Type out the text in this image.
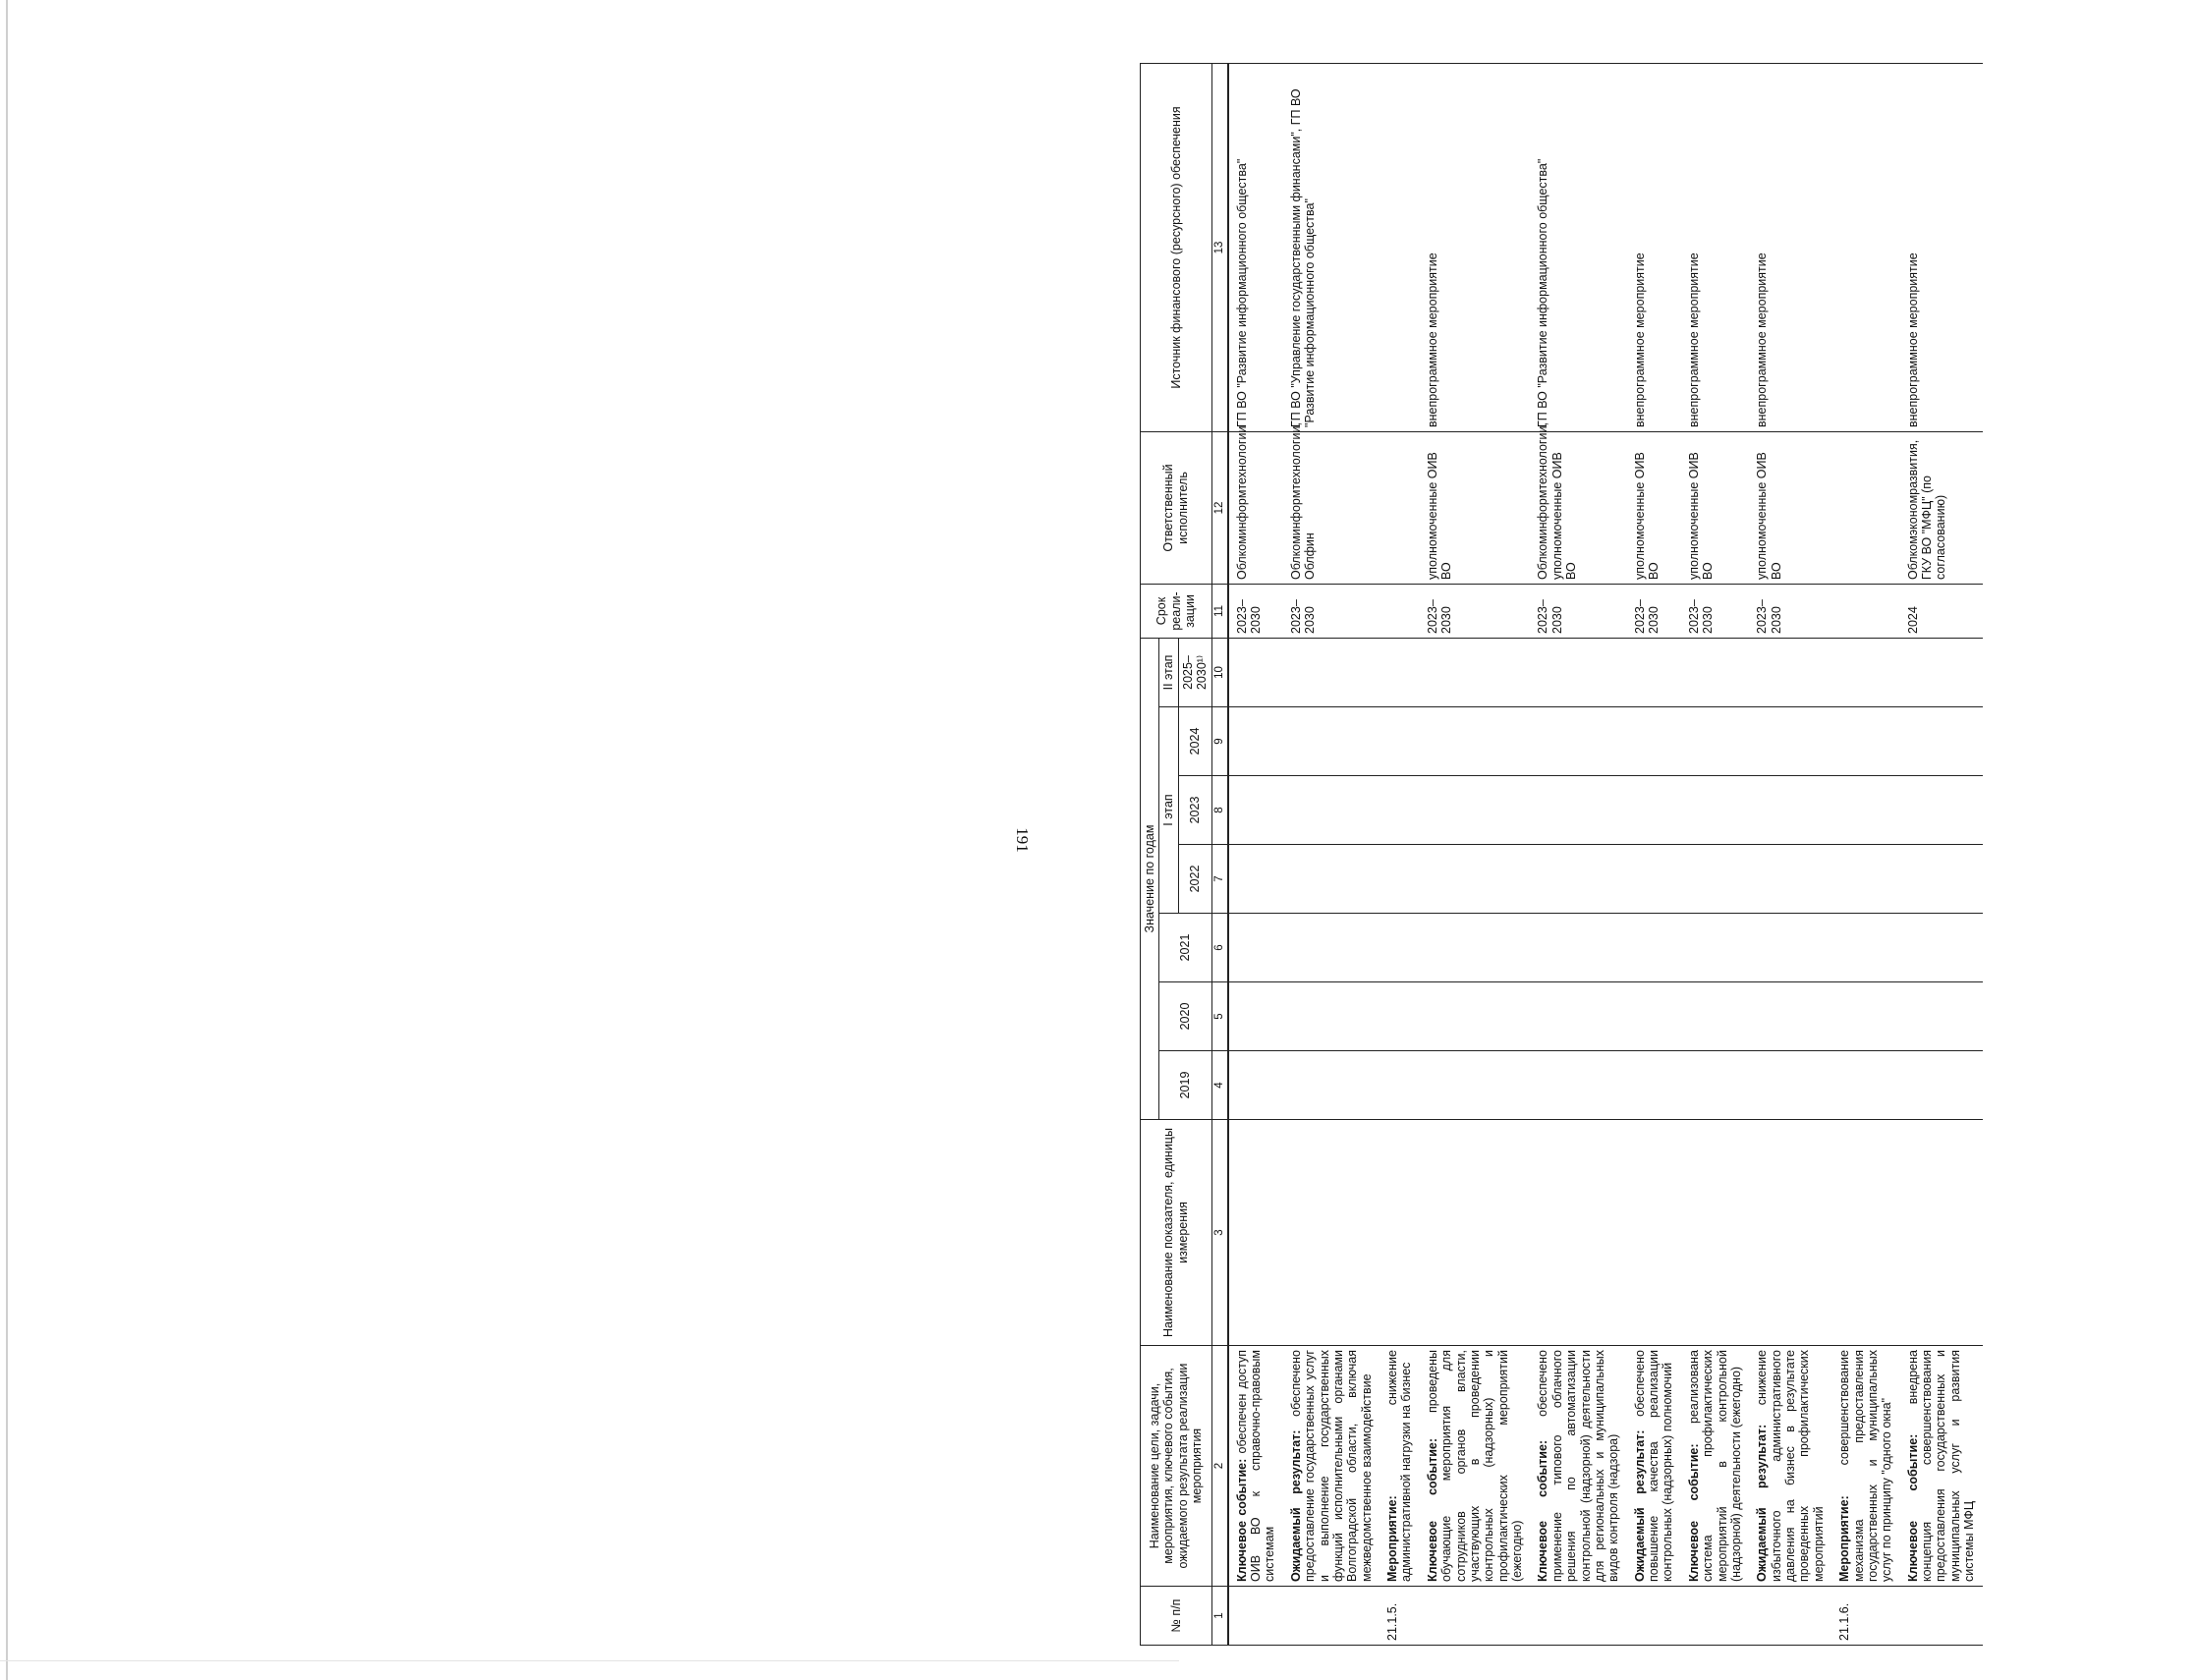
191
№ п/п	Наименование цели, задачи, мероприятия, ключевого события, ожидаемого результата реализации мероприятия	Наименование показателя, единицы измерения	Значение по годам							Срок реали-зации	Ответственный исполнитель	Источник финансового (ресурсного) обеспечения
			2019	2020	2021	I этап			II этап			
						2022	2023	2024	2025–2030¹⁾			
1	2	3	4	5	6	7	8	9	10	11	12	13
	Ключевое событие: обеспечен доступ ОИВ ВО к справочно-правовым системам									2023–2030	Облкоминформтехнологии	ГП ВО "Развитие информационного общества"
	Ожидаемый результат: обеспечено предоставление государственных услуг и выполнение государственных функций исполнительными органами Волгоградской области, включая межведомственное взаимодействие									2023–2030	Облкоминформтехнологии, Облфин	ГП ВО "Управление государственными финансами", ГП ВО "Развитие информационного общества"
21.1.5.	Мероприятие: снижение административной нагрузки на бизнес											
	Ключевое событие: проведены обучающие мероприятия для сотрудников органов власти, участвующих в проведении контрольных (надзорных) и профилактических мероприятий (ежегодно)									2023–2030	уполномоченные ОИВ ВО	внепрограммное мероприятие
	Ключевое событие: обеспечено применение типового облачного решения по автоматизации контрольной (надзорной) деятельности для региональных и муниципальных видов контроля (надзора)									2023–2030	Облкоминформтехнологии, уполномоченные ОИВ ВО	ГП ВО "Развитие информационного общества"
	Ожидаемый результат: обеспечено повышение качества реализации контрольных (надзорных) полномочий									2023–2030	уполномоченные ОИВ ВО	внепрограммное мероприятие
	Ключевое событие: реализована система профилактических мероприятий в контрольной (надзорной) деятельности (ежегодно)									2023–2030	уполномоченные ОИВ ВО	внепрограммное мероприятие
	Ожидаемый результат: снижение избыточного административного давления на бизнес в результате проведенных профилактических мероприятий									2023–2030	уполномоченные ОИВ ВО	внепрограммное мероприятие
21.1.6.	Мероприятие: совершенствование механизма предоставления государственных и муниципальных услуг по принципу "одного окна"											
	Ключевое событие: внедрена концепция совершенствования предоставления государственных и муниципальных услуг и развития системы МФЦ									2024	Облкомэкономразвития, ГКУ ВО "МФЦ" (по согласованию)	внепрограммное мероприятие
